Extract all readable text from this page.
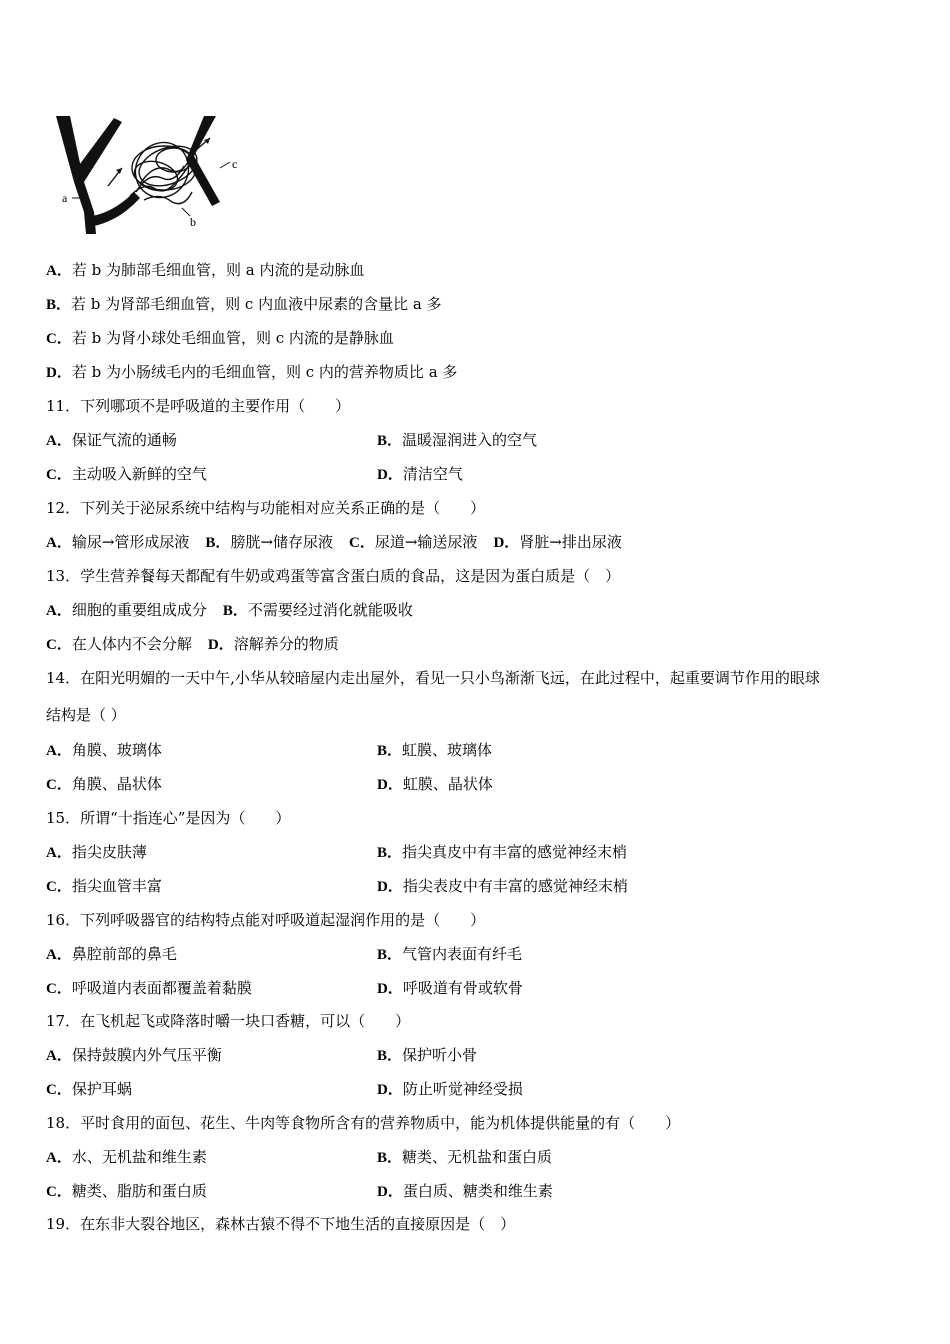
a
b
c
A．若 b 为肺部毛细血管，则 a 内流的是动脉血
B．若 b 为肾部毛细血管，则 c 内血液中尿素的含量比 a 多
C．若 b 为肾小球处毛细血管，则 c 内流的是静脉血
D．若 b 为小肠绒毛内的毛细血管，则 c 内的营养物质比 a 多
11．下列哪项不是呼吸道的主要作用（　　）
A．保证气流的通畅	B．温暖湿润进入的空气
C．主动吸入新鲜的空气	D．清洁空气
12．下列关于泌尿系统中结构与功能相对应关系正确的是（　　）
A．输尿→管形成尿液 B．膀胱→储存尿液 C．尿道→输送尿液 D．肾脏→排出尿液
13．学生营养餐每天都配有牛奶或鸡蛋等富含蛋白质的食品，这是因为蛋白质是（　）
A．细胞的重要组成成分 B．不需要经过消化就能吸收
C．在人体内不会分解 D．溶解养分的物质
14．在阳光明媚的一天中午,小华从较暗屋内走出屋外，看见一只小鸟渐渐飞远，在此过程中，起重要调节作用的眼球
结构是（ ）
A．角膜、玻璃体	B．虹膜、玻璃体
C．角膜、晶状体	D．虹膜、晶状体
15．所谓“十指连心”是因为（　　）
A．指尖皮肤薄	B．指尖真皮中有丰富的感觉神经末梢
C．指尖血管丰富	D．指尖表皮中有丰富的感觉神经末梢
16．下列呼吸器官的结构特点能对呼吸道起湿润作用的是（　　）
A．鼻腔前部的鼻毛	B．气管内表面有纤毛
C．呼吸道内表面都覆盖着黏膜	D．呼吸道有骨或软骨
17．在飞机起飞或降落时嚼一块口香糖，可以（　　）
A．保持鼓膜内外气压平衡	B．保护听小骨
C．保护耳蜗	D．防止听觉神经受损
18．平时食用的面包、花生、牛肉等食物所含有的营养物质中，能为机体提供能量的有（　　）
A．水、无机盐和维生素	B．糖类、无机盐和蛋白质
C．糖类、脂肪和蛋白质	D．蛋白质、糖类和维生素
19．在东非大裂谷地区，森林古猿不得不下地生活的直接原因是（　）
